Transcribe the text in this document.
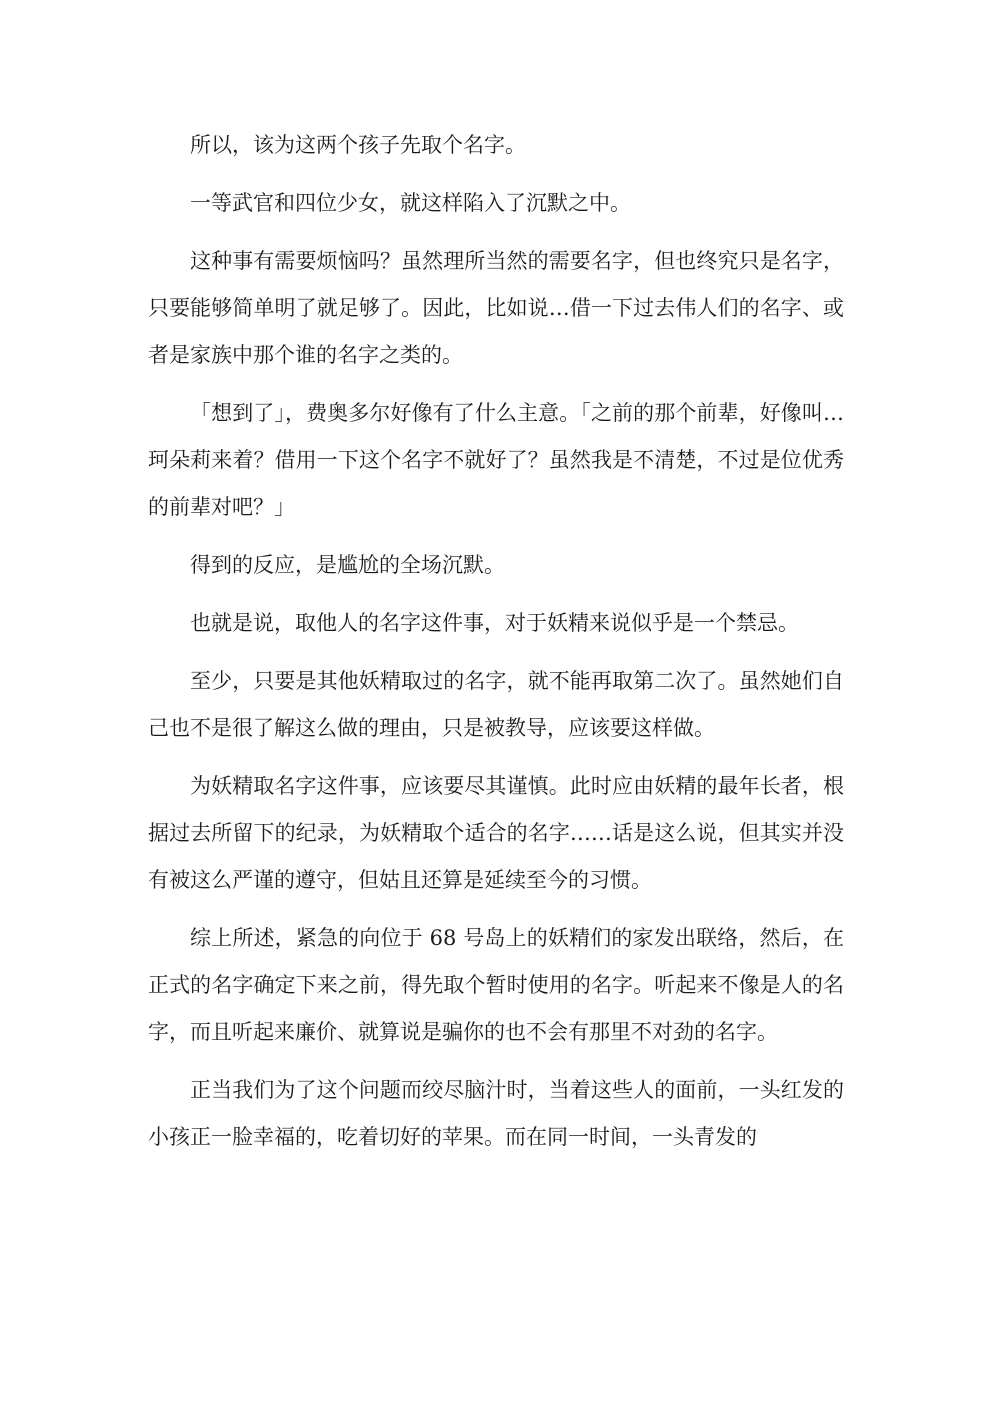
所以，该为这两个孩子先取个名字。

一等武官和四位少女，就这样陷入了沉默之中。

这种事有需要烦恼吗？虽然理所当然的需要名字，但也终究只是名字，只要能够简单明了就足够了。因此，比如说…借一下过去伟人们的名字、或者是家族中那个谁的名字之类的。

「想到了」，费奥多尔好像有了什么主意。「之前的那个前辈，好像叫…珂朵莉来着？借用一下这个名字不就好了？虽然我是不清楚，不过是位优秀的前辈对吧？」

得到的反应，是尴尬的全场沉默。

也就是说，取他人的名字这件事，对于妖精来说似乎是一个禁忌。

至少，只要是其他妖精取过的名字，就不能再取第二次了。虽然她们自己也不是很了解这么做的理由，只是被教导，应该要这样做。

为妖精取名字这件事，应该要尽其谨慎。此时应由妖精的最年长者，根据过去所留下的纪录，为妖精取个适合的名字……话是这么说，但其实并没有被这么严谨的遵守，但姑且还算是延续至今的习惯。

综上所述，紧急的向位于 68 号岛上的妖精们的家发出联络，然后，在正式的名字确定下来之前，得先取个暂时使用的名字。听起来不像是人的名字，而且听起来廉价、就算说是骗你的也不会有那里不对劲的名字。

正当我们为了这个问题而绞尽脑汁时，当着这些人的面前，一头红发的小孩正一脸幸福的，吃着切好的苹果。而在同一时间，一头青发的
